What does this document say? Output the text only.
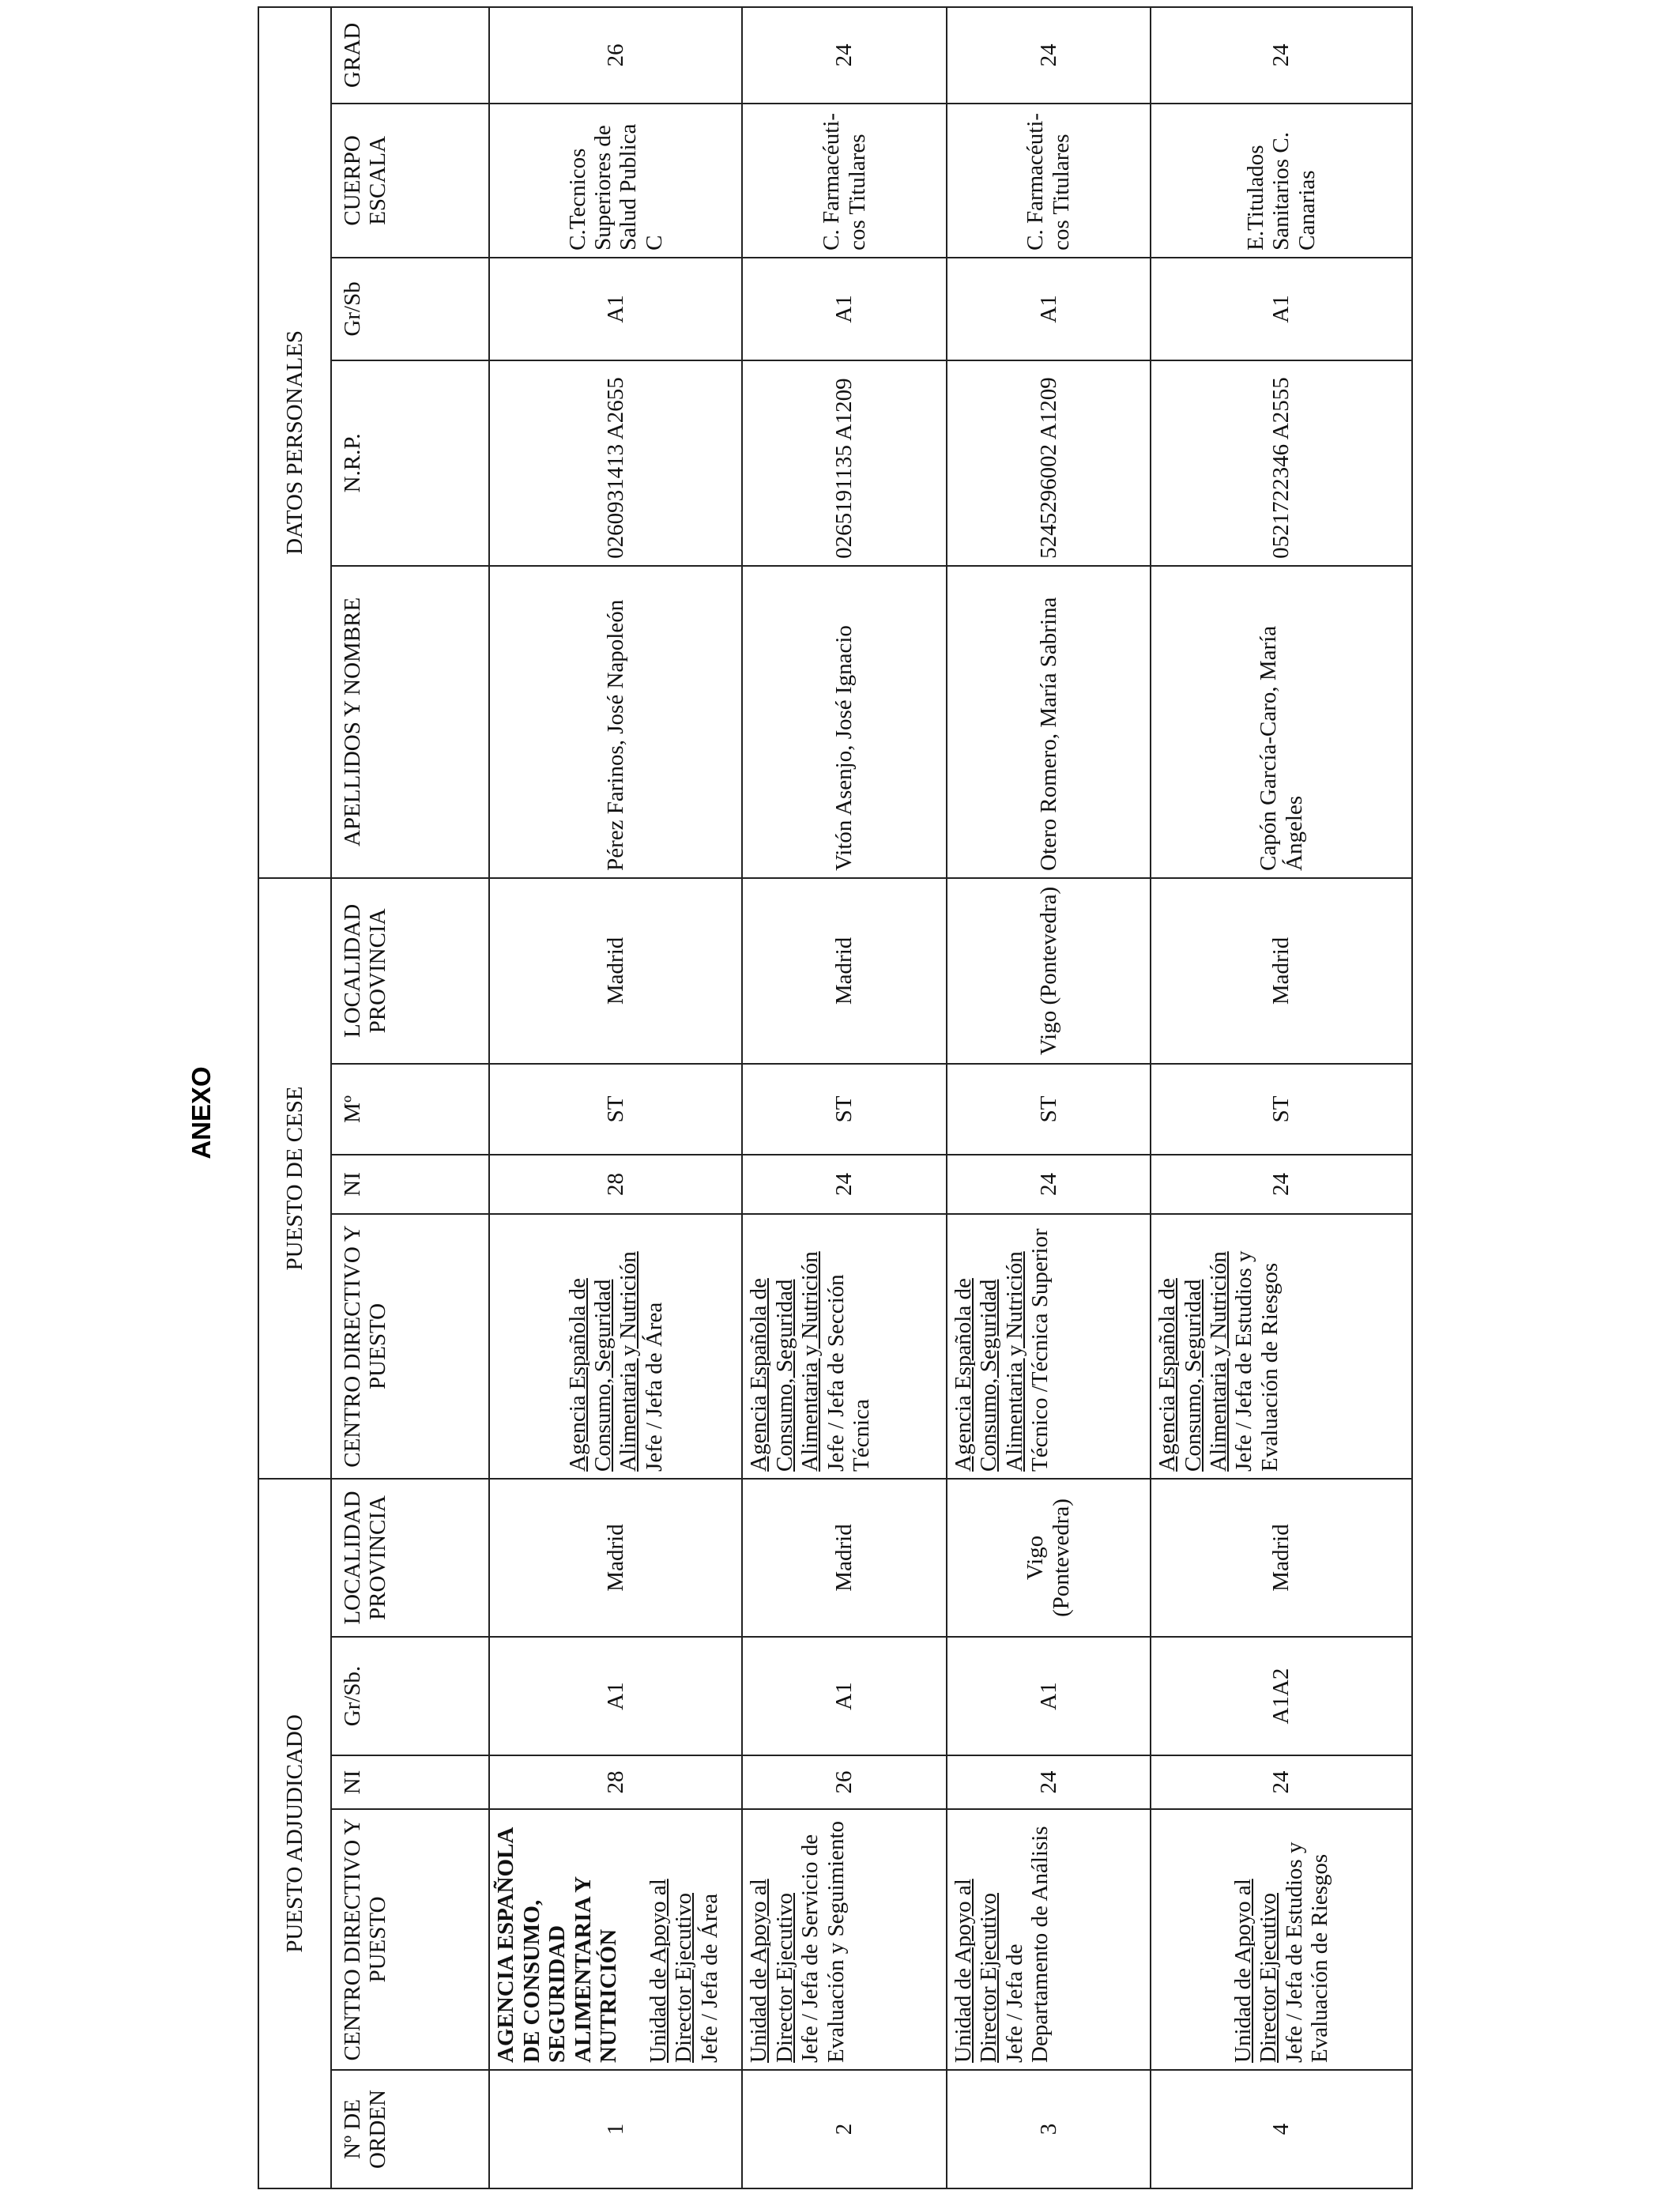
ANEXO
PUESTO ADJUDICADO					PUESTO DE CESE				DATOS PERSONALES				
Nº DE ORDEN	CENTRO DIRECTIVO Y PUESTO	NI	Gr/Sb.	LOCALIDAD PROVINCIA	CENTRO DIRECTIVO Y PUESTO	NI	Mº	LOCALIDAD PROVINCIA	APELLIDOS Y NOMBRE	N.R.P.	Gr/Sb	CUERPO ESCALA	GRAD
1	AGENCIA ESPAÑOLA DE CONSUMO, SEGURIDAD ALIMENTARIA Y NUTRICIÓN Unidad de Apoyo al Director Ejecutivo Jefe / Jefa de Área	28	A1	Madrid	Agencia Española de Consumo, Seguridad Alimentaria y Nutrición Jefe / Jefa de Área	28	ST	Madrid	Pérez Farinos, José Napoleón	0260931413 A2655	A1	C.Tecnicos Superiores de Salud Publica C	26
2	Unidad de Apoyo al Director Ejecutivo Jefe / Jefa de Servicio de Evaluación y Seguimiento	26	A1	Madrid	Agencia Española de Consumo, Seguridad Alimentaria y Nutrición Jefe / Jefa de Sección Técnica	24	ST	Madrid	Vitón Asenjo, José Ignacio	0265191135 A1209	A1	C. Farmacéuti-cos Titulares	24
3	Unidad de Apoyo al Director Ejecutivo Jefe / Jefa de Departamento de Análisis	24	A1	Vigo (Pontevedra)	Agencia Española de Consumo, Seguridad Alimentaria y Nutrición Técnico /Técnica Superior	24	ST	Vigo (Pontevedra)	Otero Romero, María Sabrina	5245296002 A1209	A1	C. Farmacéuti-cos Titulares	24
4	Unidad de Apoyo al Director Ejecutivo Jefe / Jefa de Estudios y Evaluación de Riesgos	24	A1A2	Madrid	Agencia Española de Consumo, Seguridad Alimentaria y Nutrición Jefe / Jefa de Estudios y Evaluación de Riesgos	24	ST	Madrid	Capón García-Caro, María Ángeles	0521722346 A2555	A1	E.Titulados Sanitarios C. Canarias	24
